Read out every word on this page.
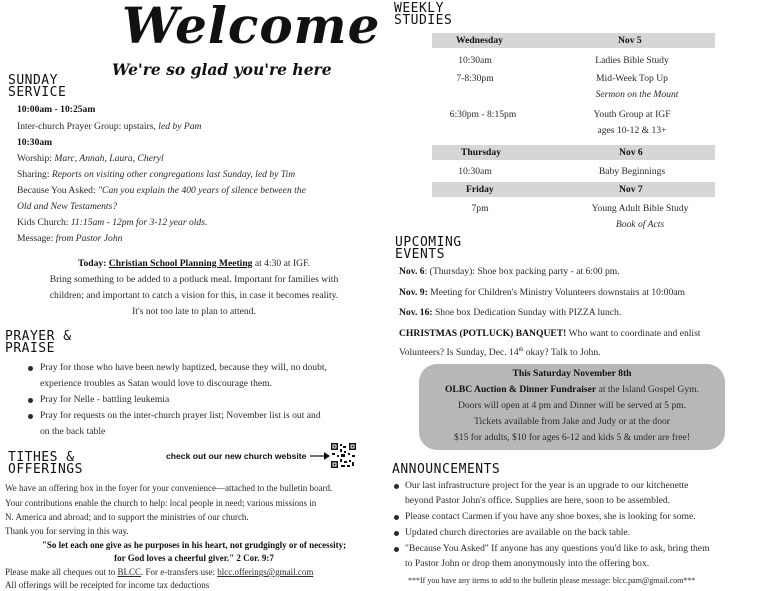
Welcome
We're so glad you're here
SUNDAY
SERVICE
10:00am - 10:25am
Inter-church Prayer Group: upstairs, led by Pam
10:30am
Worship: Marc, Annah, Laura, Cheryl
Sharing: Reports on visiting other congregations last Sunday, led by Tim
Because You Asked: "Can you explain the 400 years of silence between the
Old and New Testaments?
Kids Church: 11:15am - 12pm for 3-12 year olds.
Message: from Pastor John
Today: Christian School Planning Meeting at 4:30 at IGF.
Bring something to be added to a potluck meal. Important for families with
children; and important to catch a vision for this, in case it becomes reality.
It's not too late to plan to attend.
PRAYER &
PRAISE
Pray for those who have been newly baptized, because they will, no doubt,
experience troubles as Satan would love to discourage them.
Pray for Nelle - battling leukemia
Pray for requests on the inter-church prayer list; November list is out and
on the back table
TITHES &
OFFERINGS
check out our new church website
We have an offering box in the foyer for your convenience—attached to the bulletin board.
Your contributions enable the church to help: local people in need; various missions in
N. America and abroad; and to support the ministries of our church.
Thank you for serving in this way.
"So let each one give as he purposes in his heart, not grudgingly or of necessity;
for God loves a cheerful giver." 2 Cor. 9:7
Please make all cheques out to BLCC. For e-transfers use: blcc.offerings@gmail.com
All offerings will be receipted for income tax deductions
WEEKLY
STUDIES
Wednesday	Nov 5
10:30am	Ladies Bible Study
7-8:30pm	Mid-Week Top Up
Sermon on the Mount
6:30pm - 8:15pm	Youth Group at IGF
ages 10-12 & 13+
Thursday	Nov 6
10:30am	Baby Beginnings
Friday	Nov 7
7pm	Young Adult Bible Study
Book of Acts
UPCOMING
EVENTS
Nov. 6: (Thursday): Shoe box packing party - at 6:00 pm.
Nov. 9: Meeting for Children's Ministry Volunteers downstairs at 10:00am
Nov. 16: Shoe box Dedication Sunday with PIZZA lunch.
CHRISTMAS (POTLUCK) BANQUET! Who want to coordinate and enlist
Volunteers? Is Sunday, Dec. 14th okay? Talk to John.
This Saturday November 8th
OLBC Auction & Dinner Fundraiser at the Island Gospel Gym.
Doors will open at 4 pm and Dinner will be served at 5 pm.
Tickets available from Jake and Judy or at the door
$15 for adults, $10 for ages 6-12 and kids 5 & under are free!
ANNOUNCEMENTS
Our last infrastructure project for the year is an upgrade to our kitchenette
beyond Pastor John's office. Supplies are here, soon to be assembled.
Please contact Carmen if you have any shoe boxes, she is looking for some.
Updated church directories are available on the back table.
"Because You Asked" If anyone has any questions you'd like to ask, bring them
to Pastor John or drop them anonymously into the offering box.
***If you have any items to add to the bulletin please message: blcc.pam@gmail.com***
